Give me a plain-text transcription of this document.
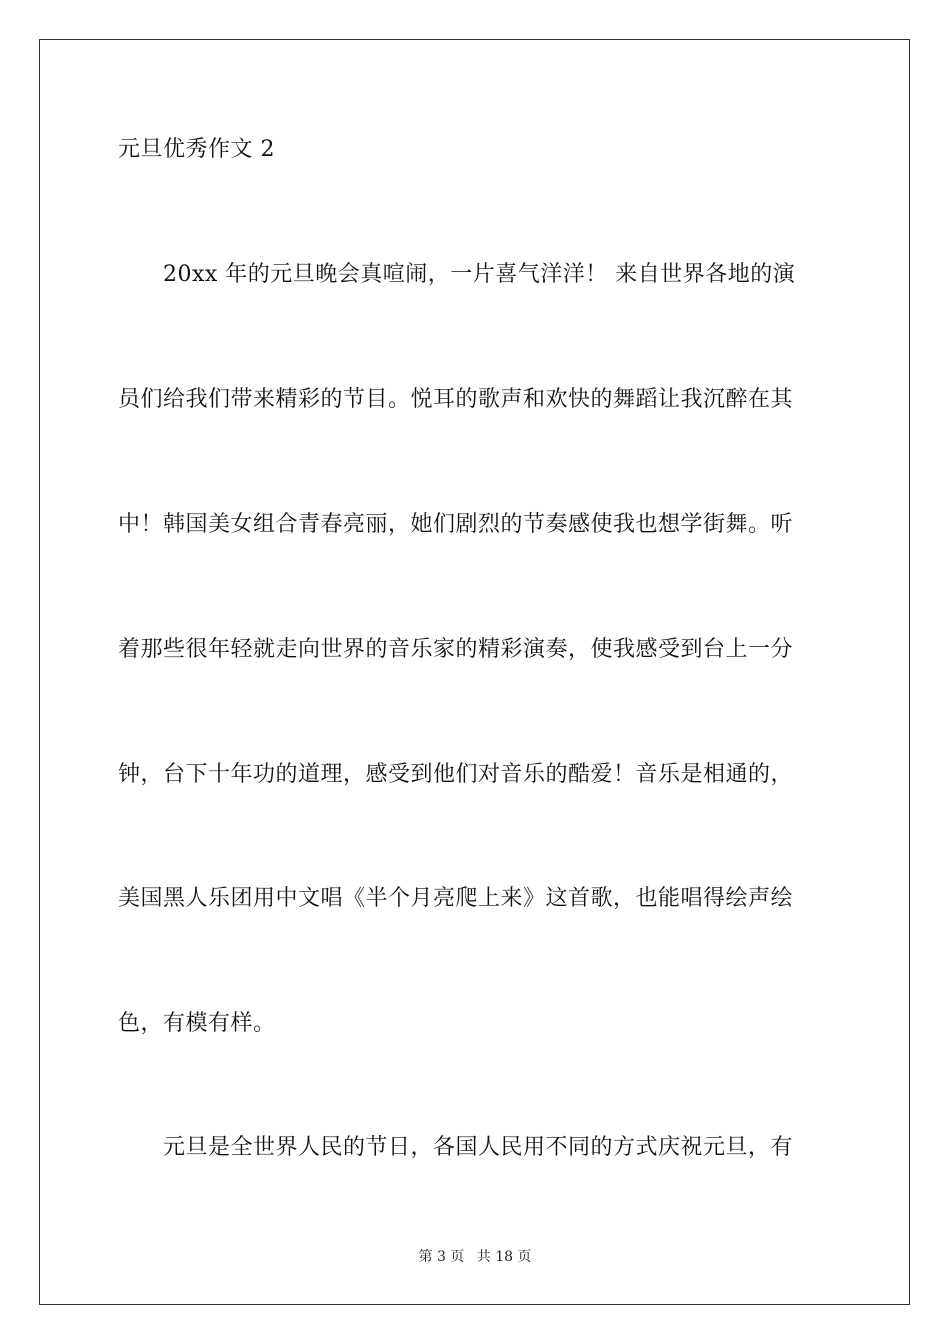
元旦优秀作文 2
20xx 年的元旦晚会真喧闹，一片喜气洋洋！ 来自世界各地的演
员们给我们带来精彩的节目。悦耳的歌声和欢快的舞蹈让我沉醉在其
中！韩国美女组合青春亮丽，她们剧烈的节奏感使我也想学街舞。听
着那些很年轻就走向世界的音乐家的精彩演奏，使我感受到台上一分
钟，台下十年功的道理，感受到他们对音乐的酷爱！音乐是相通的，
美国黑人乐团用中文唱《半个月亮爬上来》这首歌，也能唱得绘声绘
色，有模有样。
元旦是全世界人民的节日，各国人民用不同的方式庆祝元旦，有
第 3 页 共 18 页
